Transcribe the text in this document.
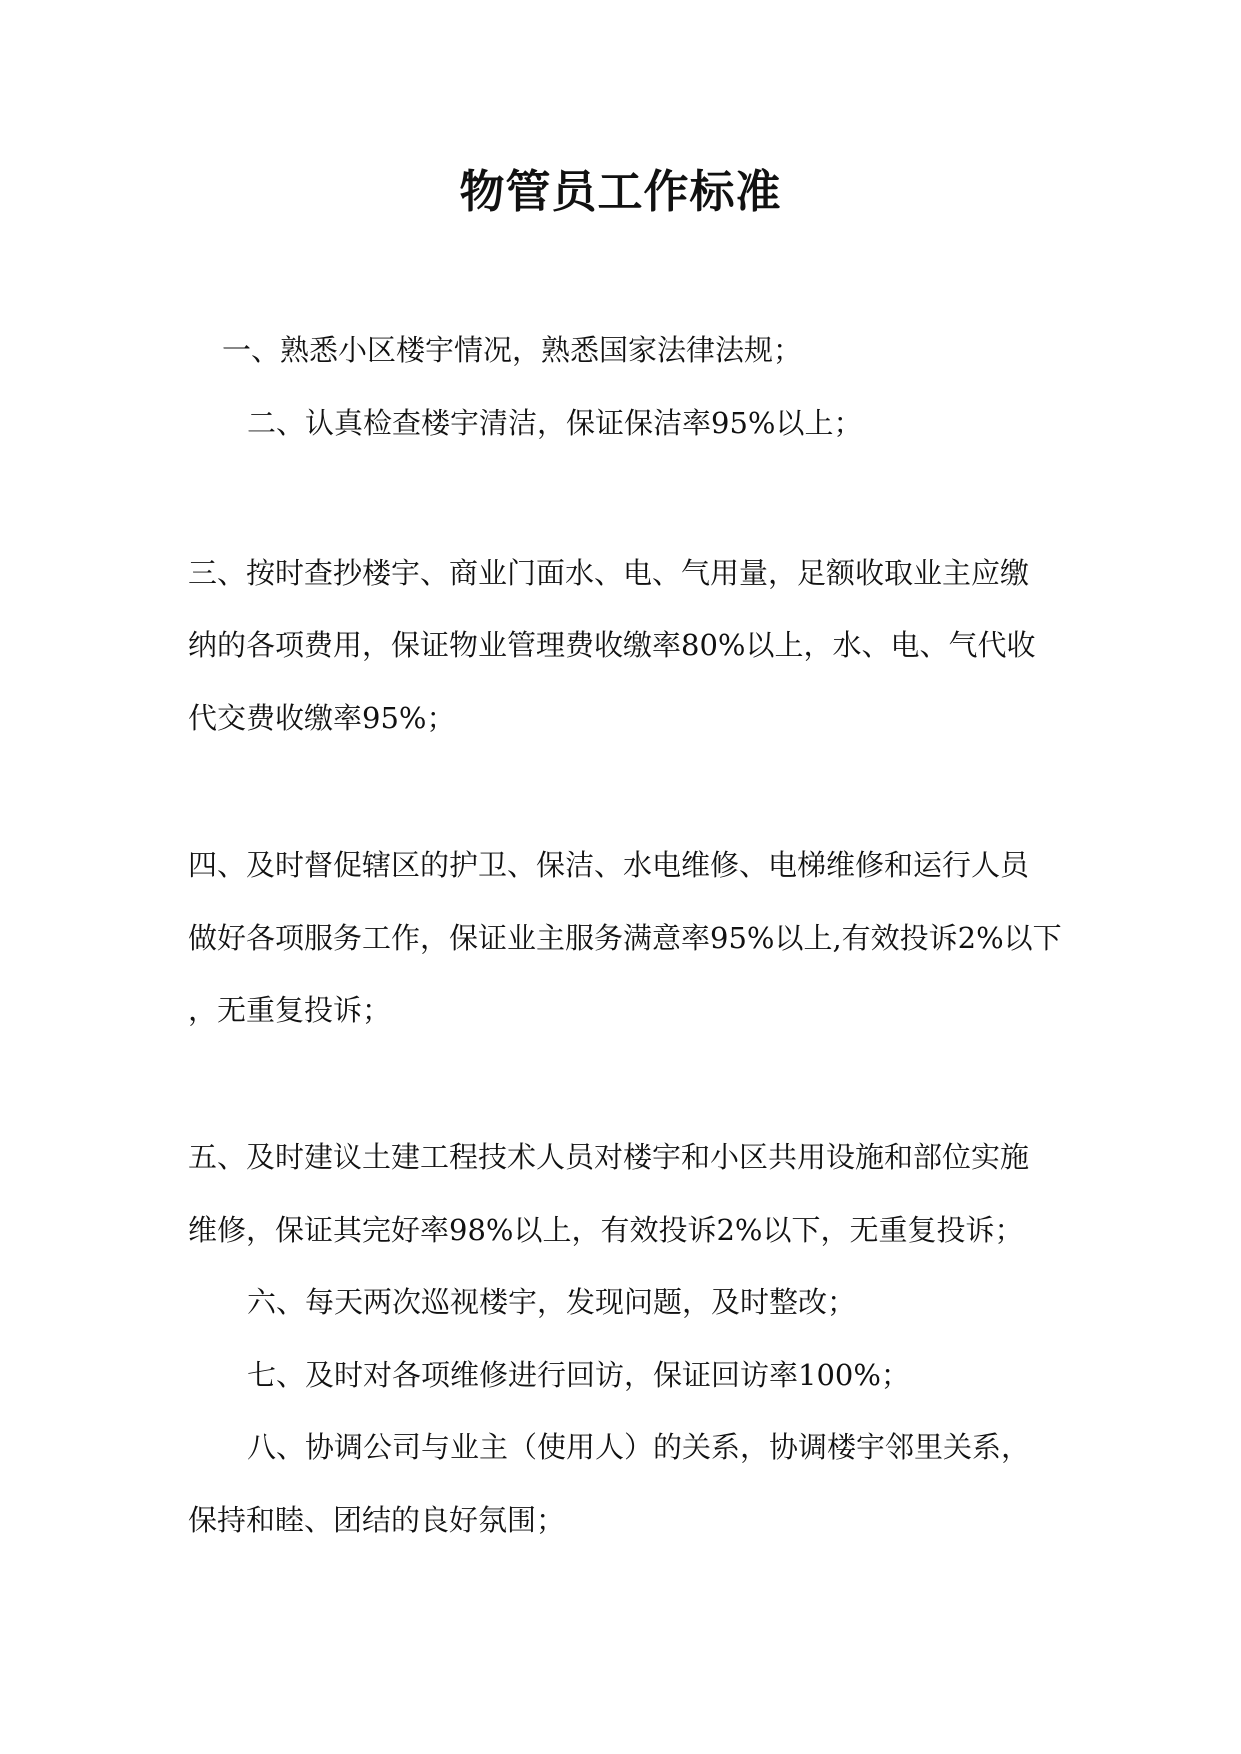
物管员工作标准

一、熟悉小区楼宇情况，熟悉国家法律法规；

二、认真检查楼宇清洁，保证保洁率95%以上；

三、按时查抄楼宇、商业门面水、电、气用量，足额收取业主应缴

纳的各项费用，保证物业管理费收缴率80%以上，水、电、气代收

代交费收缴率95%；

四、及时督促辖区的护卫、保洁、水电维修、电梯维修和运行人员

做好各项服务工作，保证业主服务满意率95%以上,有效投诉2%以下

，无重复投诉；

五、及时建议土建工程技术人员对楼宇和小区共用设施和部位实施

维修，保证其完好率98%以上，有效投诉2%以下，无重复投诉；

六、每天两次巡视楼宇，发现问题，及时整改；

七、及时对各项维修进行回访，保证回访率100%；

八、协调公司与业主（使用人）的关系，协调楼宇邻里关系，

保持和睦、团结的良好氛围；
